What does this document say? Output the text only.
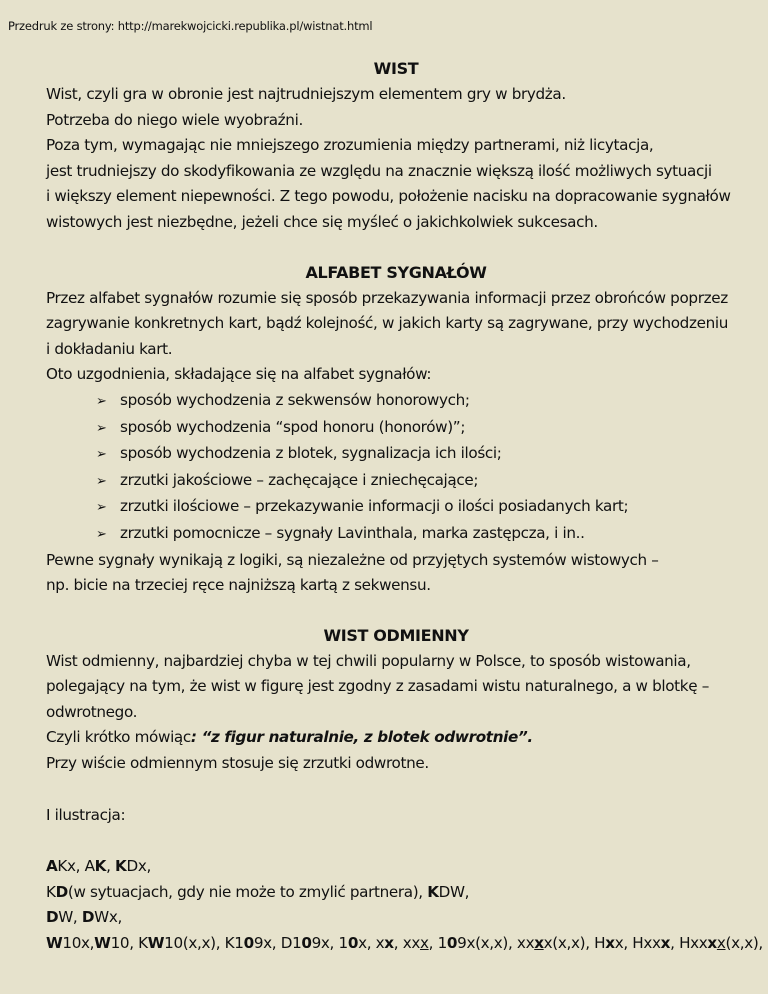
Przedruk ze strony: http://marekwojcicki.republika.pl/wistnat.html
WIST

Wist, czyli gra w obronie jest najtrudniejszym elementem gry w brydża.

Potrzeba do niego wiele wyobraźni.

Poza tym, wymagając nie mniejszego zrozumienia między partnerami, niż licytacja,

jest trudniejszy do skodyfikowania ze względu na znacznie większą ilość możliwych sytuacji

i większy element niepewności. Z tego powodu, położenie nacisku na dopracowanie sygnałów

wistowych jest niezbędne, jeżeli chce się myśleć o jakichkolwiek sukcesach.

ALFABET SYGNAŁÓW

Przez alfabet sygnałów rozumie się sposób przekazywania informacji przez obrońców poprzez

zagrywanie konkretnych kart, bądź kolejność, w jakich karty są zagrywane, przy wychodzeniu

i dokładaniu kart.

Oto uzgodnienia, składające się na alfabet sygnałów:

➢ sposób wychodzenia z sekwensów honorowych;
➢ sposób wychodzenia “spod honoru (honorów)”;
➢ sposób wychodzenia z blotek, sygnalizacja ich ilości;
➢ zrzutki jakościowe – zachęcające i zniechęcające;
➢ zrzutki ilościowe – przekazywanie informacji o ilości posiadanych kart;
➢ zrzutki pomocnicze – sygnały Lavinthala, marka zastępcza, i in..

Pewne sygnały wynikają z logiki, są niezależne od przyjętych systemów wistowych –

np. bicie na trzeciej ręce najniższą kartą z sekwensu.

WIST ODMIENNY

Wist odmienny, najbardziej chyba w tej chwili popularny w Polsce, to sposób wistowania,

polegający na tym, że wist w figurę jest zgodny z zasadami wistu naturalnego, a w blotkę –

odwrotnego.

Czyli krótko mówiąc: “z figur naturalnie, z blotek odwrotnie”.

Przy wiście odmiennym stosuje się zrzutki odwrotne.

I ilustracja:

AKx, AK, KDx,

KD(w sytuacjach, gdy nie może to zmylić partnera), KDW,

DW, DWx,

W10x,W10, KW10(x,x), K109x, D109x, 10x, xx, xxx, 109x(x,x), xxxx(x,x), Hxx, Hxxx, Hxxxx(x,x),
